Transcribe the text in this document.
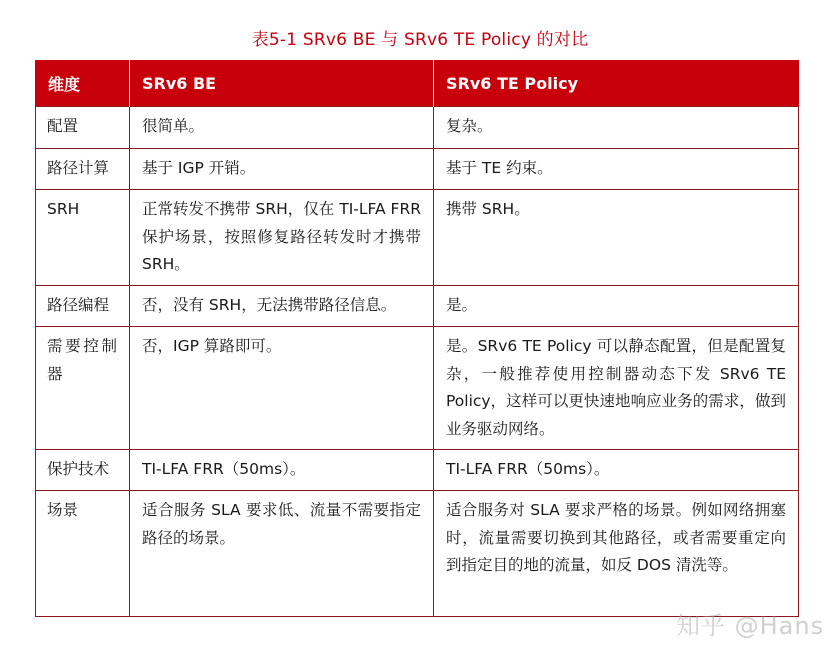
表5-1 SRv6 BE 与 SRv6 TE Policy 的对比
维度	SRv6 BE	SRv6 TE Policy
配置	很简单。	复杂。
路径计算	基于 IGP 开销。	基于 TE 约束。
SRH	正常转发不携带 SRH，仅在 TI-LFA FRR 保护场景，按照修复路径转发时才携带 SRH。	携带 SRH。
路径编程	否，没有 SRH，无法携带路径信息。	是。
需要控制器	否，IGP 算路即可。	是。SRv6 TE Policy 可以静态配置，但是配置复杂，一般推荐使用控制器动态下发 SRv6 TE Policy，这样可以更快速地响应业务的需求，做到业务驱动网络。
保护技术	TI-LFA FRR（50ms）。	TI-LFA FRR（50ms）。
场景	适合服务 SLA 要求低、流量不需要指定路径的场景。	适合服务对 SLA 要求严格的场景。例如网络拥塞时，流量需要切换到其他路径，或者需要重定向到指定目的地的流量，如反 DOS 清洗等。
知乎 @Hans
